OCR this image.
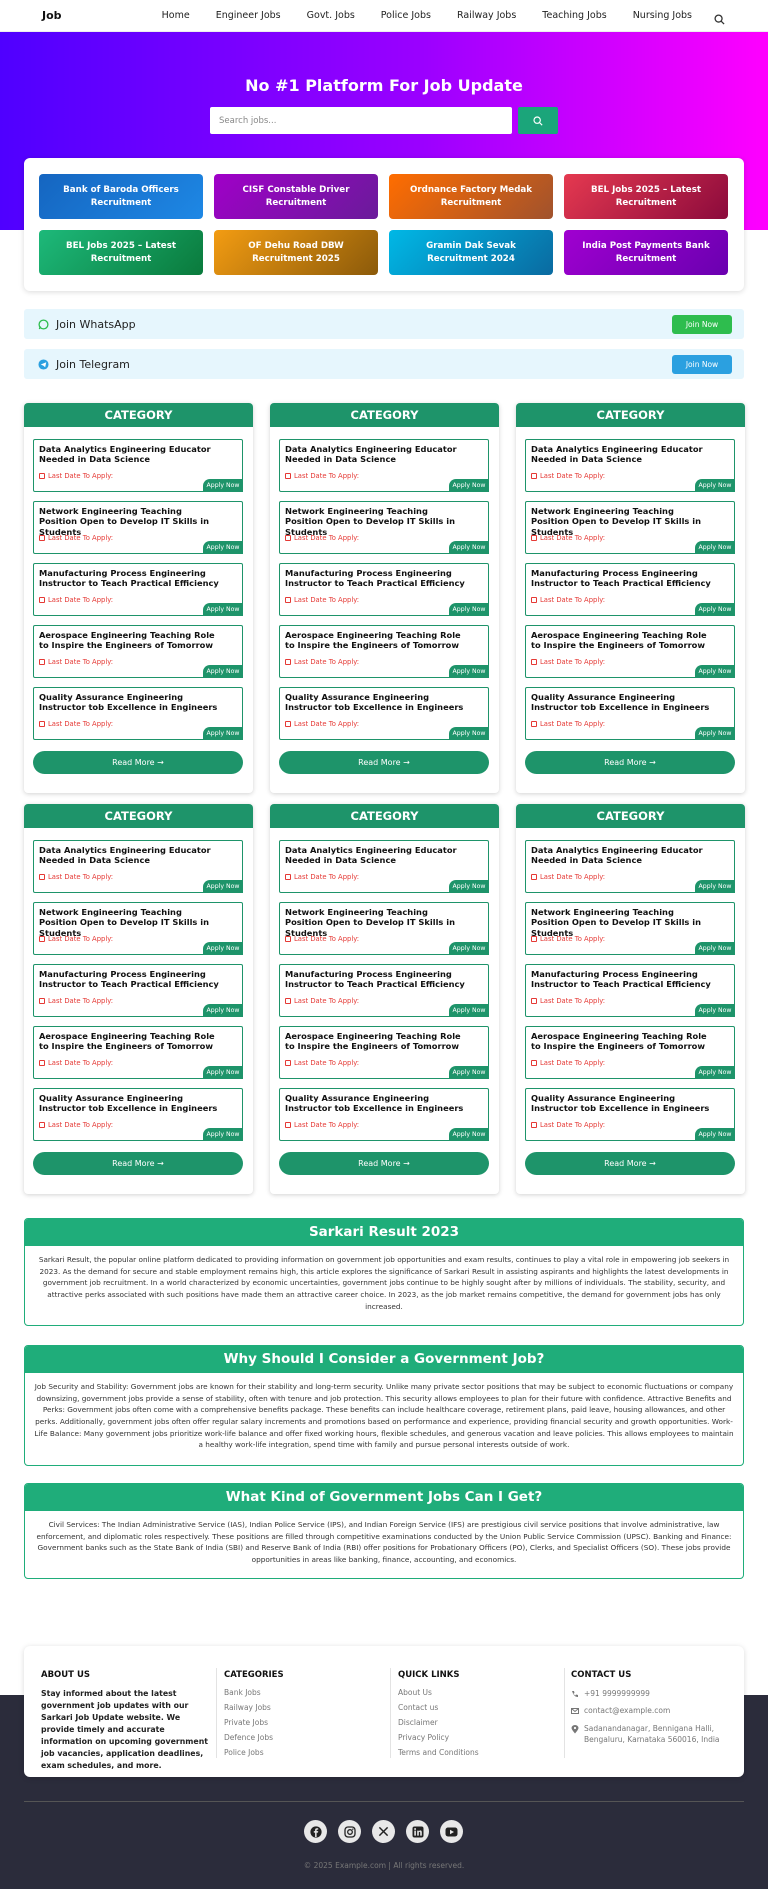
Job	Home	Engineer Jobs	Govt. Jobs	Police Jobs	Railway Jobs	Teaching Jobs	Nursing Jobs
No #1 Platform For Job Update
Search jobs...
Bank of Baroda Officers Recruitment
CISF Constable Driver Recruitment
Ordnance Factory Medak Recruitment
BEL Jobs 2025 – Latest Recruitment
BEL Jobs 2025 – Latest Recruitment
OF Dehu Road DBW Recruitment 2025
Gramin Dak Sevak Recruitment 2024
India Post Payments Bank Recruitment
Join WhatsApp	Join Now
Join Telegram	Join Now
CATEGORY
Data Analytics Engineering Educator Needed in Data Science
Last Date To Apply:
Apply Now
Network Engineering Teaching Position Open to Develop IT Skills in Students
Last Date To Apply:
Apply Now
Manufacturing Process Engineering Instructor to Teach Practical Efficiency
Last Date To Apply:
Apply Now
Aerospace Engineering Teaching Role to Inspire the Engineers of Tomorrow
Last Date To Apply:
Apply Now
Quality Assurance Engineering Instructor tob Excellence in Engineers
Last Date To Apply:
Apply Now
Read More →
CATEGORY
Data Analytics Engineering Educator Needed in Data Science
Last Date To Apply:
Apply Now
Network Engineering Teaching Position Open to Develop IT Skills in Students
Last Date To Apply:
Apply Now
Manufacturing Process Engineering Instructor to Teach Practical Efficiency
Last Date To Apply:
Apply Now
Aerospace Engineering Teaching Role to Inspire the Engineers of Tomorrow
Last Date To Apply:
Apply Now
Quality Assurance Engineering Instructor tob Excellence in Engineers
Last Date To Apply:
Apply Now
Read More →
CATEGORY
Data Analytics Engineering Educator Needed in Data Science
Last Date To Apply:
Apply Now
Network Engineering Teaching Position Open to Develop IT Skills in Students
Last Date To Apply:
Apply Now
Manufacturing Process Engineering Instructor to Teach Practical Efficiency
Last Date To Apply:
Apply Now
Aerospace Engineering Teaching Role to Inspire the Engineers of Tomorrow
Last Date To Apply:
Apply Now
Quality Assurance Engineering Instructor tob Excellence in Engineers
Last Date To Apply:
Apply Now
Read More →
CATEGORY
Data Analytics Engineering Educator Needed in Data Science
Last Date To Apply:
Apply Now
Network Engineering Teaching Position Open to Develop IT Skills in Students
Last Date To Apply:
Apply Now
Manufacturing Process Engineering Instructor to Teach Practical Efficiency
Last Date To Apply:
Apply Now
Aerospace Engineering Teaching Role to Inspire the Engineers of Tomorrow
Last Date To Apply:
Apply Now
Quality Assurance Engineering Instructor tob Excellence in Engineers
Last Date To Apply:
Apply Now
Read More →
CATEGORY
Data Analytics Engineering Educator Needed in Data Science
Last Date To Apply:
Apply Now
Network Engineering Teaching Position Open to Develop IT Skills in Students
Last Date To Apply:
Apply Now
Manufacturing Process Engineering Instructor to Teach Practical Efficiency
Last Date To Apply:
Apply Now
Aerospace Engineering Teaching Role to Inspire the Engineers of Tomorrow
Last Date To Apply:
Apply Now
Quality Assurance Engineering Instructor tob Excellence in Engineers
Last Date To Apply:
Apply Now
Read More →
CATEGORY
Data Analytics Engineering Educator Needed in Data Science
Last Date To Apply:
Apply Now
Network Engineering Teaching Position Open to Develop IT Skills in Students
Last Date To Apply:
Apply Now
Manufacturing Process Engineering Instructor to Teach Practical Efficiency
Last Date To Apply:
Apply Now
Aerospace Engineering Teaching Role to Inspire the Engineers of Tomorrow
Last Date To Apply:
Apply Now
Quality Assurance Engineering Instructor tob Excellence in Engineers
Last Date To Apply:
Apply Now
Read More →
Sarkari Result 2023

Sarkari Result, the popular online platform dedicated to providing information on government job opportunities and exam results, continues to play a vital role in empowering job seekers in 2023. As the demand for secure and stable employment remains high, this article explores the significance of Sarkari Result in assisting aspirants and highlights the latest developments in government job recruitment. In a world characterized by economic uncertainties, government jobs continue to be highly sought after by millions of individuals. The stability, security, and attractive perks associated with such positions have made them an attractive career choice. In 2023, as the job market remains competitive, the demand for government jobs has only increased.

Why Should I Consider a Government Job?

Job Security and Stability: Government jobs are known for their stability and long-term security. Unlike many private sector positions that may be subject to economic fluctuations or company downsizing, government jobs provide a sense of stability, often with tenure and job protection. This security allows employees to plan for their future with confidence. Attractive Benefits and Perks: Government jobs often come with a comprehensive benefits package. These benefits can include healthcare coverage, retirement plans, paid leave, housing allowances, and other perks. Additionally, government jobs often offer regular salary increments and promotions based on performance and experience, providing financial security and growth opportunities. Work-Life Balance: Many government jobs prioritize work-life balance and offer fixed working hours, flexible schedules, and generous vacation and leave policies. This allows employees to maintain a healthy work-life integration, spend time with family and pursue personal interests outside of work.

What Kind of Government Jobs Can I Get?

Civil Services: The Indian Administrative Service (IAS), Indian Police Service (IPS), and Indian Foreign Service (IFS) are prestigious civil service positions that involve administrative, law enforcement, and diplomatic roles respectively. These positions are filled through competitive examinations conducted by the Union Public Service Commission (UPSC). Banking and Finance: Government banks such as the State Bank of India (SBI) and Reserve Bank of India (RBI) offer positions for Probationary Officers (PO), Clerks, and Specialist Officers (SO). These jobs provide opportunities in areas like banking, finance, accounting, and economics.

ABOUT US
Stay informed about the latest government job updates with our Sarkari Job Update website. We provide timely and accurate information on upcoming government job vacancies, application deadlines, exam schedules, and more.
CATEGORIES
Bank Jobs
Railway Jobs
Private Jobs
Defence Jobs
Police Jobs
QUICK LINKS
About Us
Contact us
Disclaimer
Privacy Policy
Terms and Conditions
CONTACT US
+91 9999999999
contact@example.com
Sadanandanagar, Bennigana Halli, Bengaluru, Karnataka 560016, India
© 2025 Example.com | All rights reserved.
